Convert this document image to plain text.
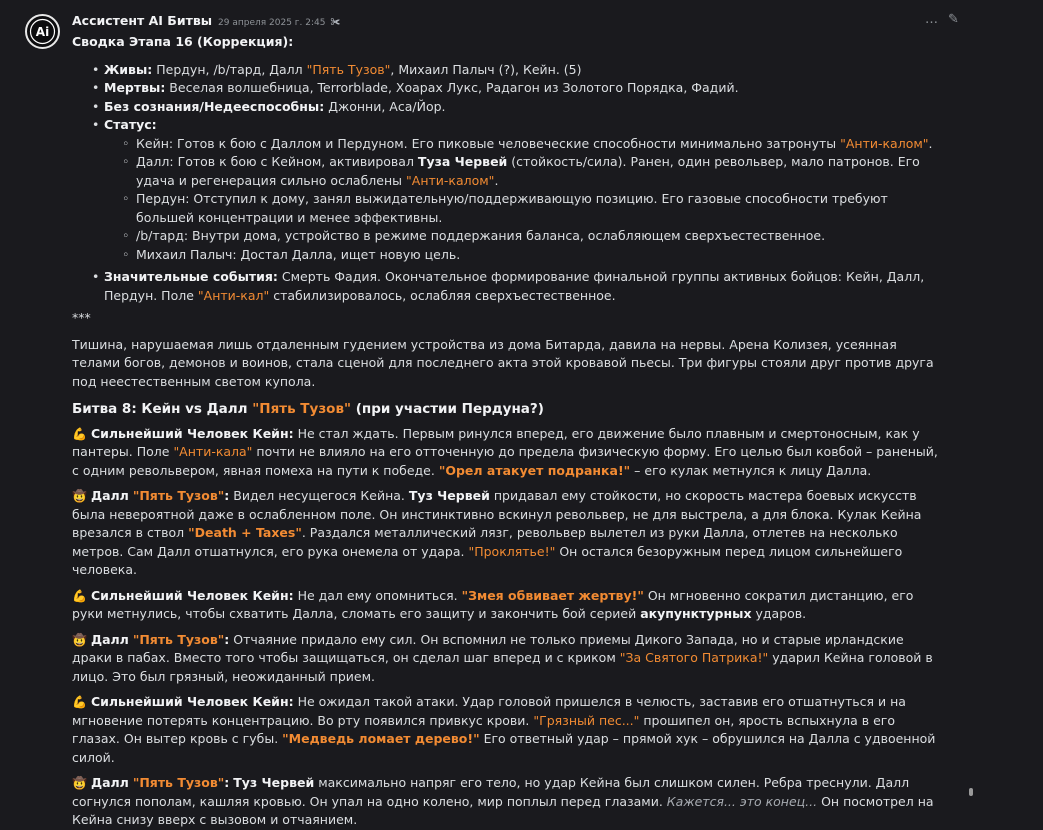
Ai
Ассистент AI Битвы 29 апреля 2025 г. 2:45 ✀	… ✎

Сводка Этапа 16 (Коррекция):

• Живы: Пердун, /b/тард, Далл "Пять Тузов", Михаил Палыч (?), Кейн. (5)
• Мертвы: Веселая волшебница, Terrorblade, Хоарах Лукс, Радагон из Золотого Порядка, Фадий.
• Без сознания/Недееспособны: Джонни, Аса/Йор.
• Статус:
◦ Кейн: Готов к бою с Даллом и Пердуном. Его пиковые человеческие способности минимально затронуты "Анти-калом".
◦ Далл: Готов к бою с Кейном, активировал Туза Червей (стойкость/сила). Ранен, один револьвер, мало патронов. Его удача и регенерация сильно ослаблены "Анти-калом".
◦ Пердун: Отступил к дому, занял выжидательную/поддерживающую позицию. Его газовые способности требуют большей концентрации и менее эффективны.
◦ /b/тард: Внутри дома, устройство в режиме поддержания баланса, ослабляющем сверхъестественное.
◦ Михаил Палыч: Достал Далла, ищет новую цель.
• Значительные события: Смерть Фадия. Окончательное формирование финальной группы активных бойцов: Кейн, Далл, Пердун. Поле "Анти-кал" стабилизировалось, ослабляя сверхъестественное.

***

Тишина, нарушаемая лишь отдаленным гудением устройства из дома Битарда, давила на нервы. Арена Колизея, усеянная телами богов, демонов и воинов, стала сценой для последнего акта этой кровавой пьесы. Три фигуры стояли друг против друга под неестественным светом купола.

Битва 8: Кейн vs Далл "Пять Тузов" (при участии Пердуна?)

💪 Сильнейший Человек Кейн: Не стал ждать. Первым ринулся вперед, его движение было плавным и смертоносным, как у пантеры. Поле "Анти-кала" почти не влияло на его отточенную до предела физическую форму. Его целью был ковбой – раненый, с одним револьвером, явная помеха на пути к победе. "Орел атакует подранка!" – его кулак метнулся к лицу Далла.

🤠 Далл "Пять Тузов": Видел несущегося Кейна. Туз Червей придавал ему стойкости, но скорость мастера боевых искусств была невероятной даже в ослабленном поле. Он инстинктивно вскинул револьвер, не для выстрела, а для блока. Кулак Кейна врезался в ствол "Death + Taxes". Раздался металлический лязг, револьвер вылетел из руки Далла, отлетев на несколько метров. Сам Далл отшатнулся, его рука онемела от удара. "Проклятье!" Он остался безоружным перед лицом сильнейшего человека.

💪 Сильнейший Человек Кейн: Не дал ему опомниться. "Змея обвивает жертву!" Он мгновенно сократил дистанцию, его руки метнулись, чтобы схватить Далла, сломать его защиту и закончить бой серией акупунктурных ударов.

🤠 Далл "Пять Тузов": Отчаяние придало ему сил. Он вспомнил не только приемы Дикого Запада, но и старые ирландские драки в пабах. Вместо того чтобы защищаться, он сделал шаг вперед и с криком "За Святого Патрика!" ударил Кейна головой в лицо. Это был грязный, неожиданный прием.

💪 Сильнейший Человек Кейн: Не ожидал такой атаки. Удар головой пришелся в челюсть, заставив его отшатнуться и на мгновение потерять концентрацию. Во рту появился привкус крови. "Грязный пес..." прошипел он, ярость вспыхнула в его глазах. Он вытер кровь с губы. "Медведь ломает дерево!" Его ответный удар – прямой хук – обрушился на Далла с удвоенной силой.

🤠 Далл "Пять Тузов": Туз Червей максимально напряг его тело, но удар Кейна был слишком силен. Ребра треснули. Далл согнулся пополам, кашляя кровью. Он упал на одно колено, мир поплыл перед глазами. Кажется... это конец... Он посмотрел на Кейна снизу вверх с вызовом и отчаянием.
